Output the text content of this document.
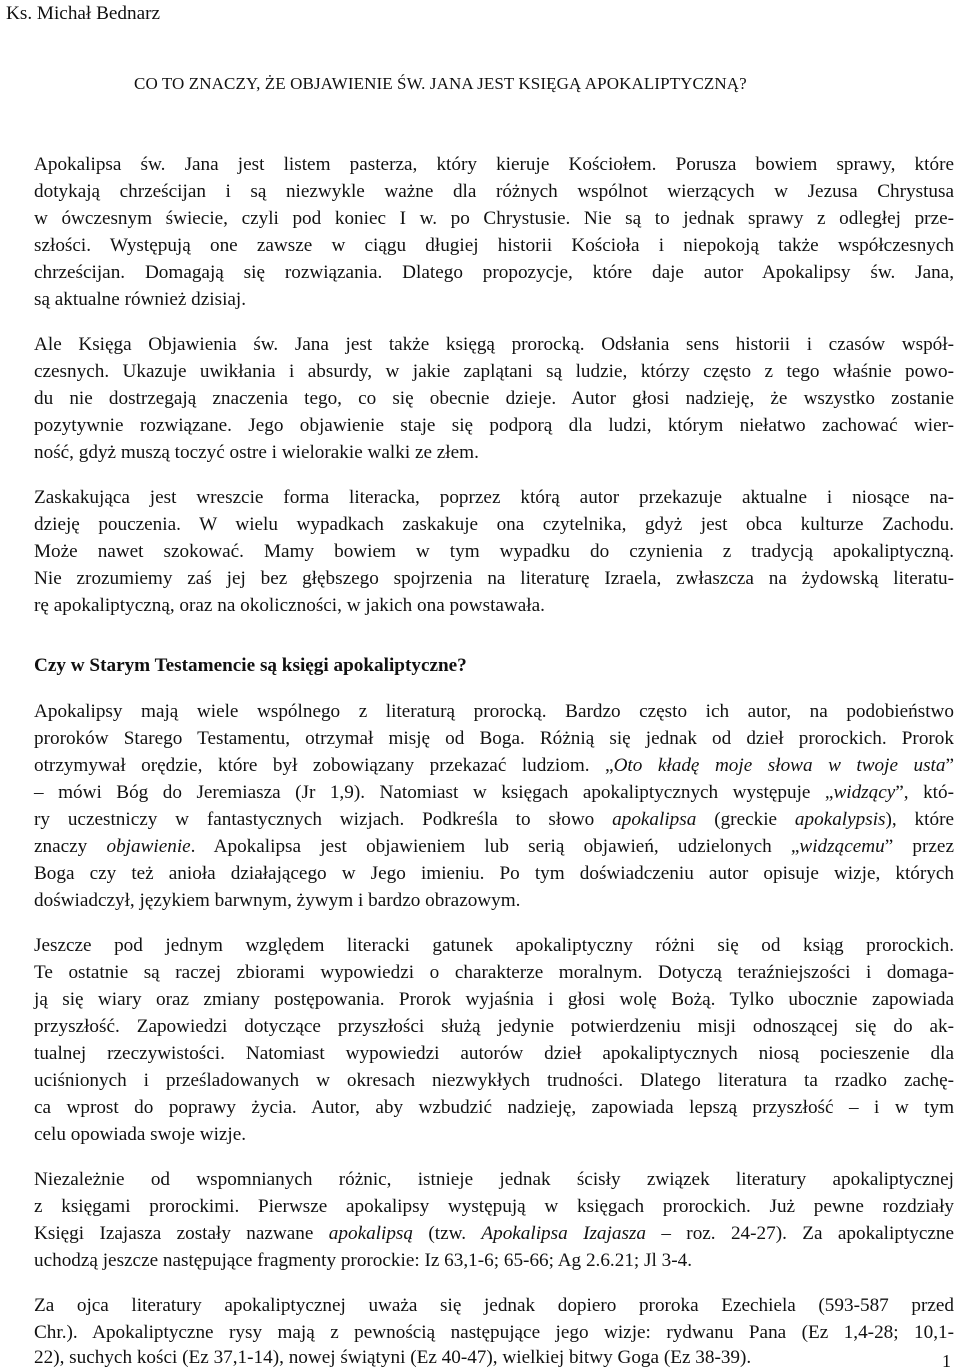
Ks. Michał Bednarz
CO TO ZNACZY, ŻE OBJAWIENIE ŚW. JANA JEST KSIĘGĄ APOKALIPTYCZNĄ?
Apokalipsa św. Jana jest listem pasterza, który kieruje Kościołem. Porusza bowiem sprawy, które
dotykają chrześcijan i są niezwykle ważne dla różnych wspólnot wierzących w Jezusa Chrystusa
w ówczesnym świecie, czyli pod koniec I w. po Chrystusie. Nie są to jednak sprawy z odległej prze-
szłości. Występują one zawsze w ciągu długiej historii Kościoła i niepokoją także współczesnych
chrześcijan. Domagają się rozwiązania. Dlatego propozycje, które daje autor Apokalipsy św. Jana,
są aktualne również dzisiaj.
Ale Księga Objawienia św. Jana jest także księgą prorocką. Odsłania sens historii i czasów współ-
czesnych. Ukazuje uwikłania i absurdy, w jakie zaplątani są ludzie, którzy często z tego właśnie powo-
du nie dostrzegają znaczenia tego, co się obecnie dzieje. Autor głosi nadzieję, że wszystko zostanie
pozytywnie rozwiązane. Jego objawienie staje się podporą dla ludzi, którym niełatwo zachować wier-
ność, gdyż muszą toczyć ostre i wielorakie walki ze złem.
Zaskakująca jest wreszcie forma literacka, poprzez którą autor przekazuje aktualne i niosące na-
dzieję pouczenia. W wielu wypadkach zaskakuje ona czytelnika, gdyż jest obca kulturze Zachodu.
Może nawet szokować. Mamy bowiem w tym wypadku do czynienia z tradycją apokaliptyczną.
Nie zrozumiemy zaś jej bez głębszego spojrzenia na literaturę Izraela, zwłaszcza na żydowską literatu-
rę apokaliptyczną, oraz na okoliczności, w jakich ona powstawała.
Czy w Starym Testamencie są księgi apokaliptyczne?
Apokalipsy mają wiele wspólnego z literaturą prorocką. Bardzo często ich autor, na podobieństwo
proroków Starego Testamentu, otrzymał misję od Boga. Różnią się jednak od dzieł prorockich. Prorok
otrzymywał orędzie, które był zobowiązany przekazać ludziom. „Oto kładę moje słowa w twoje usta”
– mówi Bóg do Jeremiasza (Jr 1,9). Natomiast w księgach apokaliptycznych występuje „widzący”, któ-
ry uczestniczy w fantastycznych wizjach. Podkreśla to słowo apokalipsa (greckie apokalypsis), które
znaczy objawienie. Apokalipsa jest objawieniem lub serią objawień, udzielonych „widzącemu” przez
Boga czy też anioła działającego w Jego imieniu. Po tym doświadczeniu autor opisuje wizje, których
doświadczył, językiem barwnym, żywym i bardzo obrazowym.
Jeszcze pod jednym względem literacki gatunek apokaliptyczny różni się od ksiąg prorockich.
Te ostatnie są raczej zbiorami wypowiedzi o charakterze moralnym. Dotyczą teraźniejszości i domaga-
ją się wiary oraz zmiany postępowania. Prorok wyjaśnia i głosi wolę Bożą. Tylko ubocznie zapowiada
przyszłość. Zapowiedzi dotyczące przyszłości służą jedynie potwierdzeniu misji odnoszącej się do ak-
tualnej rzeczywistości. Natomiast wypowiedzi autorów dzieł apokaliptycznych niosą pocieszenie dla
uciśnionych i prześladowanych w okresach niezwykłych trudności. Dlatego literatura ta rzadko zachę-
ca wprost do poprawy życia. Autor, aby wzbudzić nadzieję, zapowiada lepszą przyszłość – i w tym
celu opowiada swoje wizje.
Niezależnie od wspomnianych różnic, istnieje jednak ścisły związek literatury apokaliptycznej
z księgami prorockimi. Pierwsze apokalipsy występują w księgach prorockich. Już pewne rozdziały
Księgi Izajasza zostały nazwane apokalipsą (tzw. Apokalipsa Izajasza – roz. 24-27). Za apokaliptyczne
uchodzą jeszcze następujące fragmenty prorockie: Iz 63,1-6; 65-66; Ag 2.6.21; Jl 3-4.
Za ojca literatury apokaliptycznej uważa się jednak dopiero proroka Ezechiela (593-587 przed
Chr.). Apokaliptyczne rysy mają z pewnością następujące jego wizje: rydwanu Pana (Ez 1,4-28; 10,1-
22), suchych kości (Ez 37,1-14), nowej świątyni (Ez 40-47), wielkiej bitwy Goga (Ez 38-39).	1
